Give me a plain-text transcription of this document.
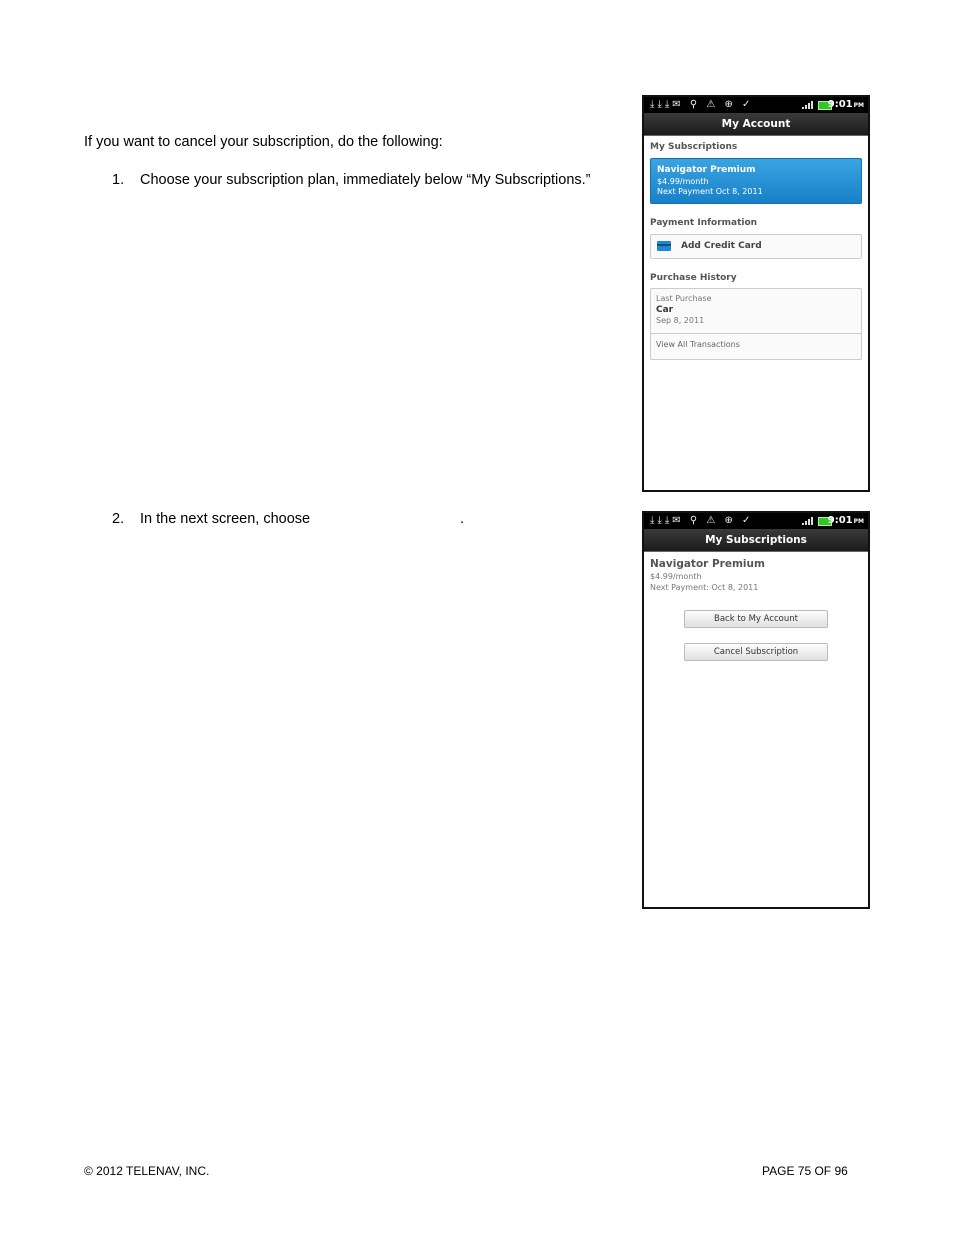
If you want to cancel your subscription, do the following:
1. Choose your subscription plan, immediately below “My Subscriptions.”
2. In the next screen, choose	.
⤓⤓⤓✉ ⚲ ⚠ ⊕ ✓	9:01PM
My Account
My Subscriptions
Navigator Premium
$4.99/month
Next Payment Oct 8, 2011
Payment Information
Add Credit Card
Purchase History
Last Purchase
Car
Sep 8, 2011
View All Transactions
⤓⤓⤓✉ ⚲ ⚠ ⊕ ✓	9:01PM
My Subscriptions
Navigator Premium
$4.99/month
Next Payment: Oct 8, 2011
Back to My Account
Cancel Subscription
© 2012 TELENAV, INC.	PAGE 75 OF 96
